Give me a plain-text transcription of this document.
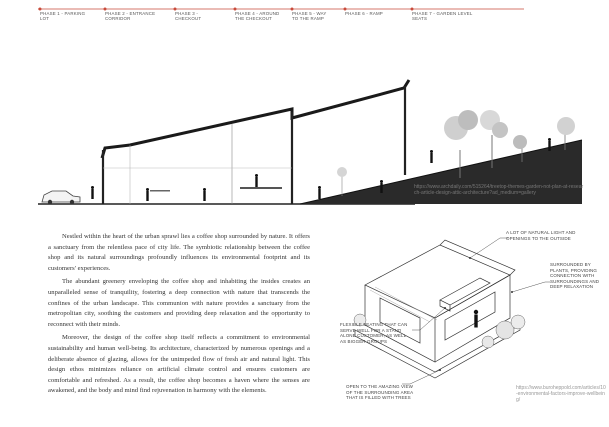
PHASE 1 - PARKING LOT
PHASE 2 - ENTRANCE CORRIDOR
PHASE 3 - CHECKOUT
PHASE 4 - AROUND THE CHECKOUT
PHASE 5 - WAY TO THE RAMP
PHASE 6 - RAMP	PHASE 7 - GARDEN LEVEL SEATS
https://www.archdaily.com/515264/treetop-themes-garden-not-plan-at-research-article-design-attic-architecture?ad_medium=gallery

Nestled within the heart of the urban sprawl lies a coffee shop surrounded by nature. It offers a sanctuary from the relentless pace of city life. The symbiotic relationship between the coffee shop and its natural surroundings profoundly influences its environmental footprint and its customers' experiences.

The abundant greenery enveloping the coffee shop and inhabiting the insides creates an unparalleled sense of tranquility, fostering a deep connection with nature that transcends the confines of the urban landscape. This communion with nature provides a sanctuary from the metropolitan city, soothing the customers and providing deep relaxation and the opportunity to reconnect with their minds.

Moreover, the design of the coffee shop itself reflects a commitment to environmental sustainability and human well-being. Its architecture, characterized by numerous openings and a deliberate absence of glazing, allows for the unimpeded flow of fresh air and natural light. This design ethos minimizes reliance on artificial climate control and ensures customers are comfortable and refreshed. As a result, the coffee shop becomes a haven where the senses are awakened, and the body and mind find rejuvenation in harmony with the elements.

A LOT OF NATURAL LIGHT AND OPENINGS TO THE OUTSIDE
SURROUNDED BY PLANTS, PROVIDING CONNECTION WITH SURROUNDINGS AND DEEP RELAXATION
FLEXIBLE SEATING THAT CAN SERVE WELL FOR A STAND ALONE CUSTOMER, AS WELL AS BIGGER GROUPS
OPEN TO THE AMAZING VIEW OF THE SURROUNDING AREA THAT IS FILLED WITH TREES
https://www.buroheppold.com/articles/10-environmental-factors-improve-wellbeing/
